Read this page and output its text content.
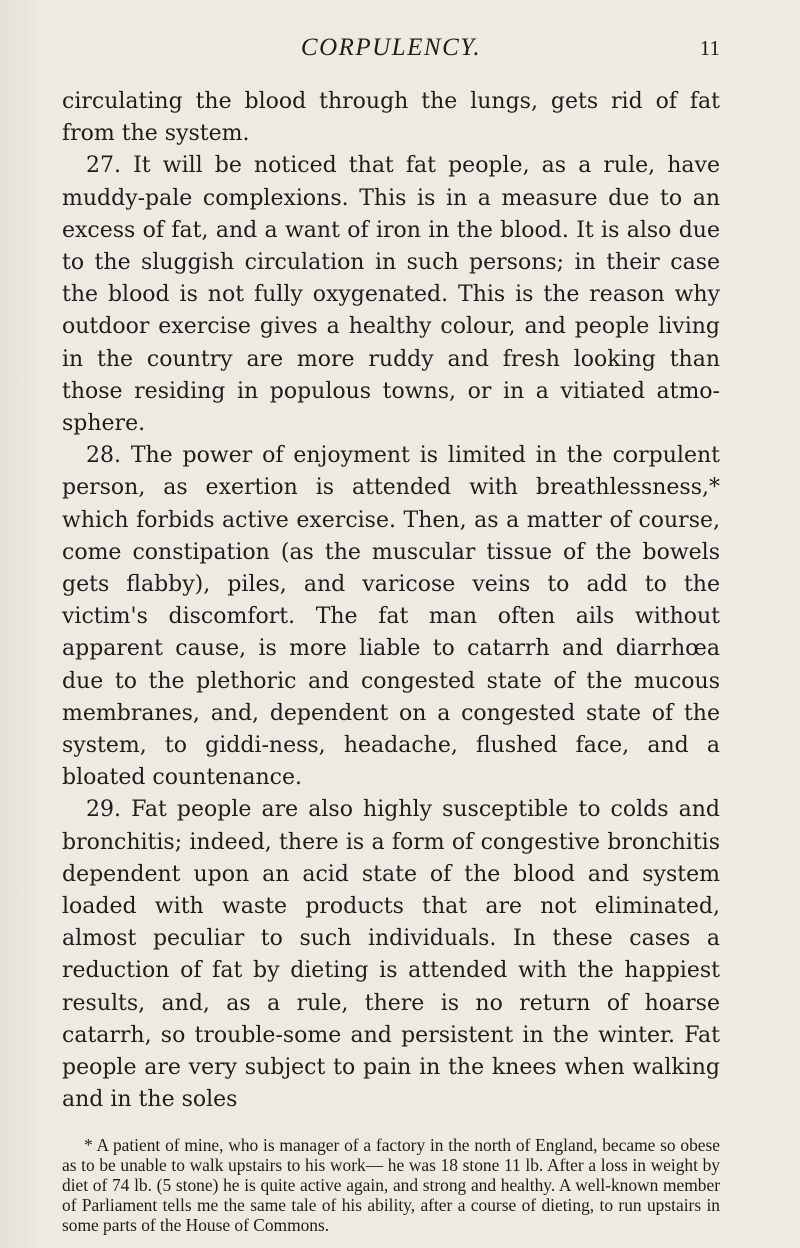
CORPULENCY.	11

circulating the blood through the lungs, gets rid of fat from the system.

27. It will be noticed that fat people, as a rule, have muddy-pale complexions. This is in a measure due to an excess of fat, and a want of iron in the blood. It is also due to the sluggish circulation in such persons; in their case the blood is not fully oxygenated. This is the reason why outdoor exercise gives a healthy colour, and people living in the country are more ruddy and fresh looking than those residing in populous towns, or in a vitiated atmo-sphere.

28. The power of enjoyment is limited in the corpulent person, as exertion is attended with breathlessness,* which forbids active exercise. Then, as a matter of course, come constipation (as the muscular tissue of the bowels gets flabby), piles, and varicose veins to add to the victim's discomfort. The fat man often ails without apparent cause, is more liable to catarrh and diarrhœa due to the plethoric and congested state of the mucous membranes, and, dependent on a congested state of the system, to giddi-ness, headache, flushed face, and a bloated countenance.

29. Fat people are also highly susceptible to colds and bronchitis; indeed, there is a form of congestive bronchitis dependent upon an acid state of the blood and system loaded with waste products that are not eliminated, almost peculiar to such individuals. In these cases a reduction of fat by dieting is attended with the happiest results, and, as a rule, there is no return of hoarse catarrh, so trouble-some and persistent in the winter. Fat people are very subject to pain in the knees when walking and in the soles

* A patient of mine, who is manager of a factory in the north of England, became so obese as to be unable to walk upstairs to his work— he was 18 stone 11 lb. After a loss in weight by diet of 74 lb. (5 stone) he is quite active again, and strong and healthy. A well-known member of Parliament tells me the same tale of his ability, after a course of dieting, to run upstairs in some parts of the House of Commons.
